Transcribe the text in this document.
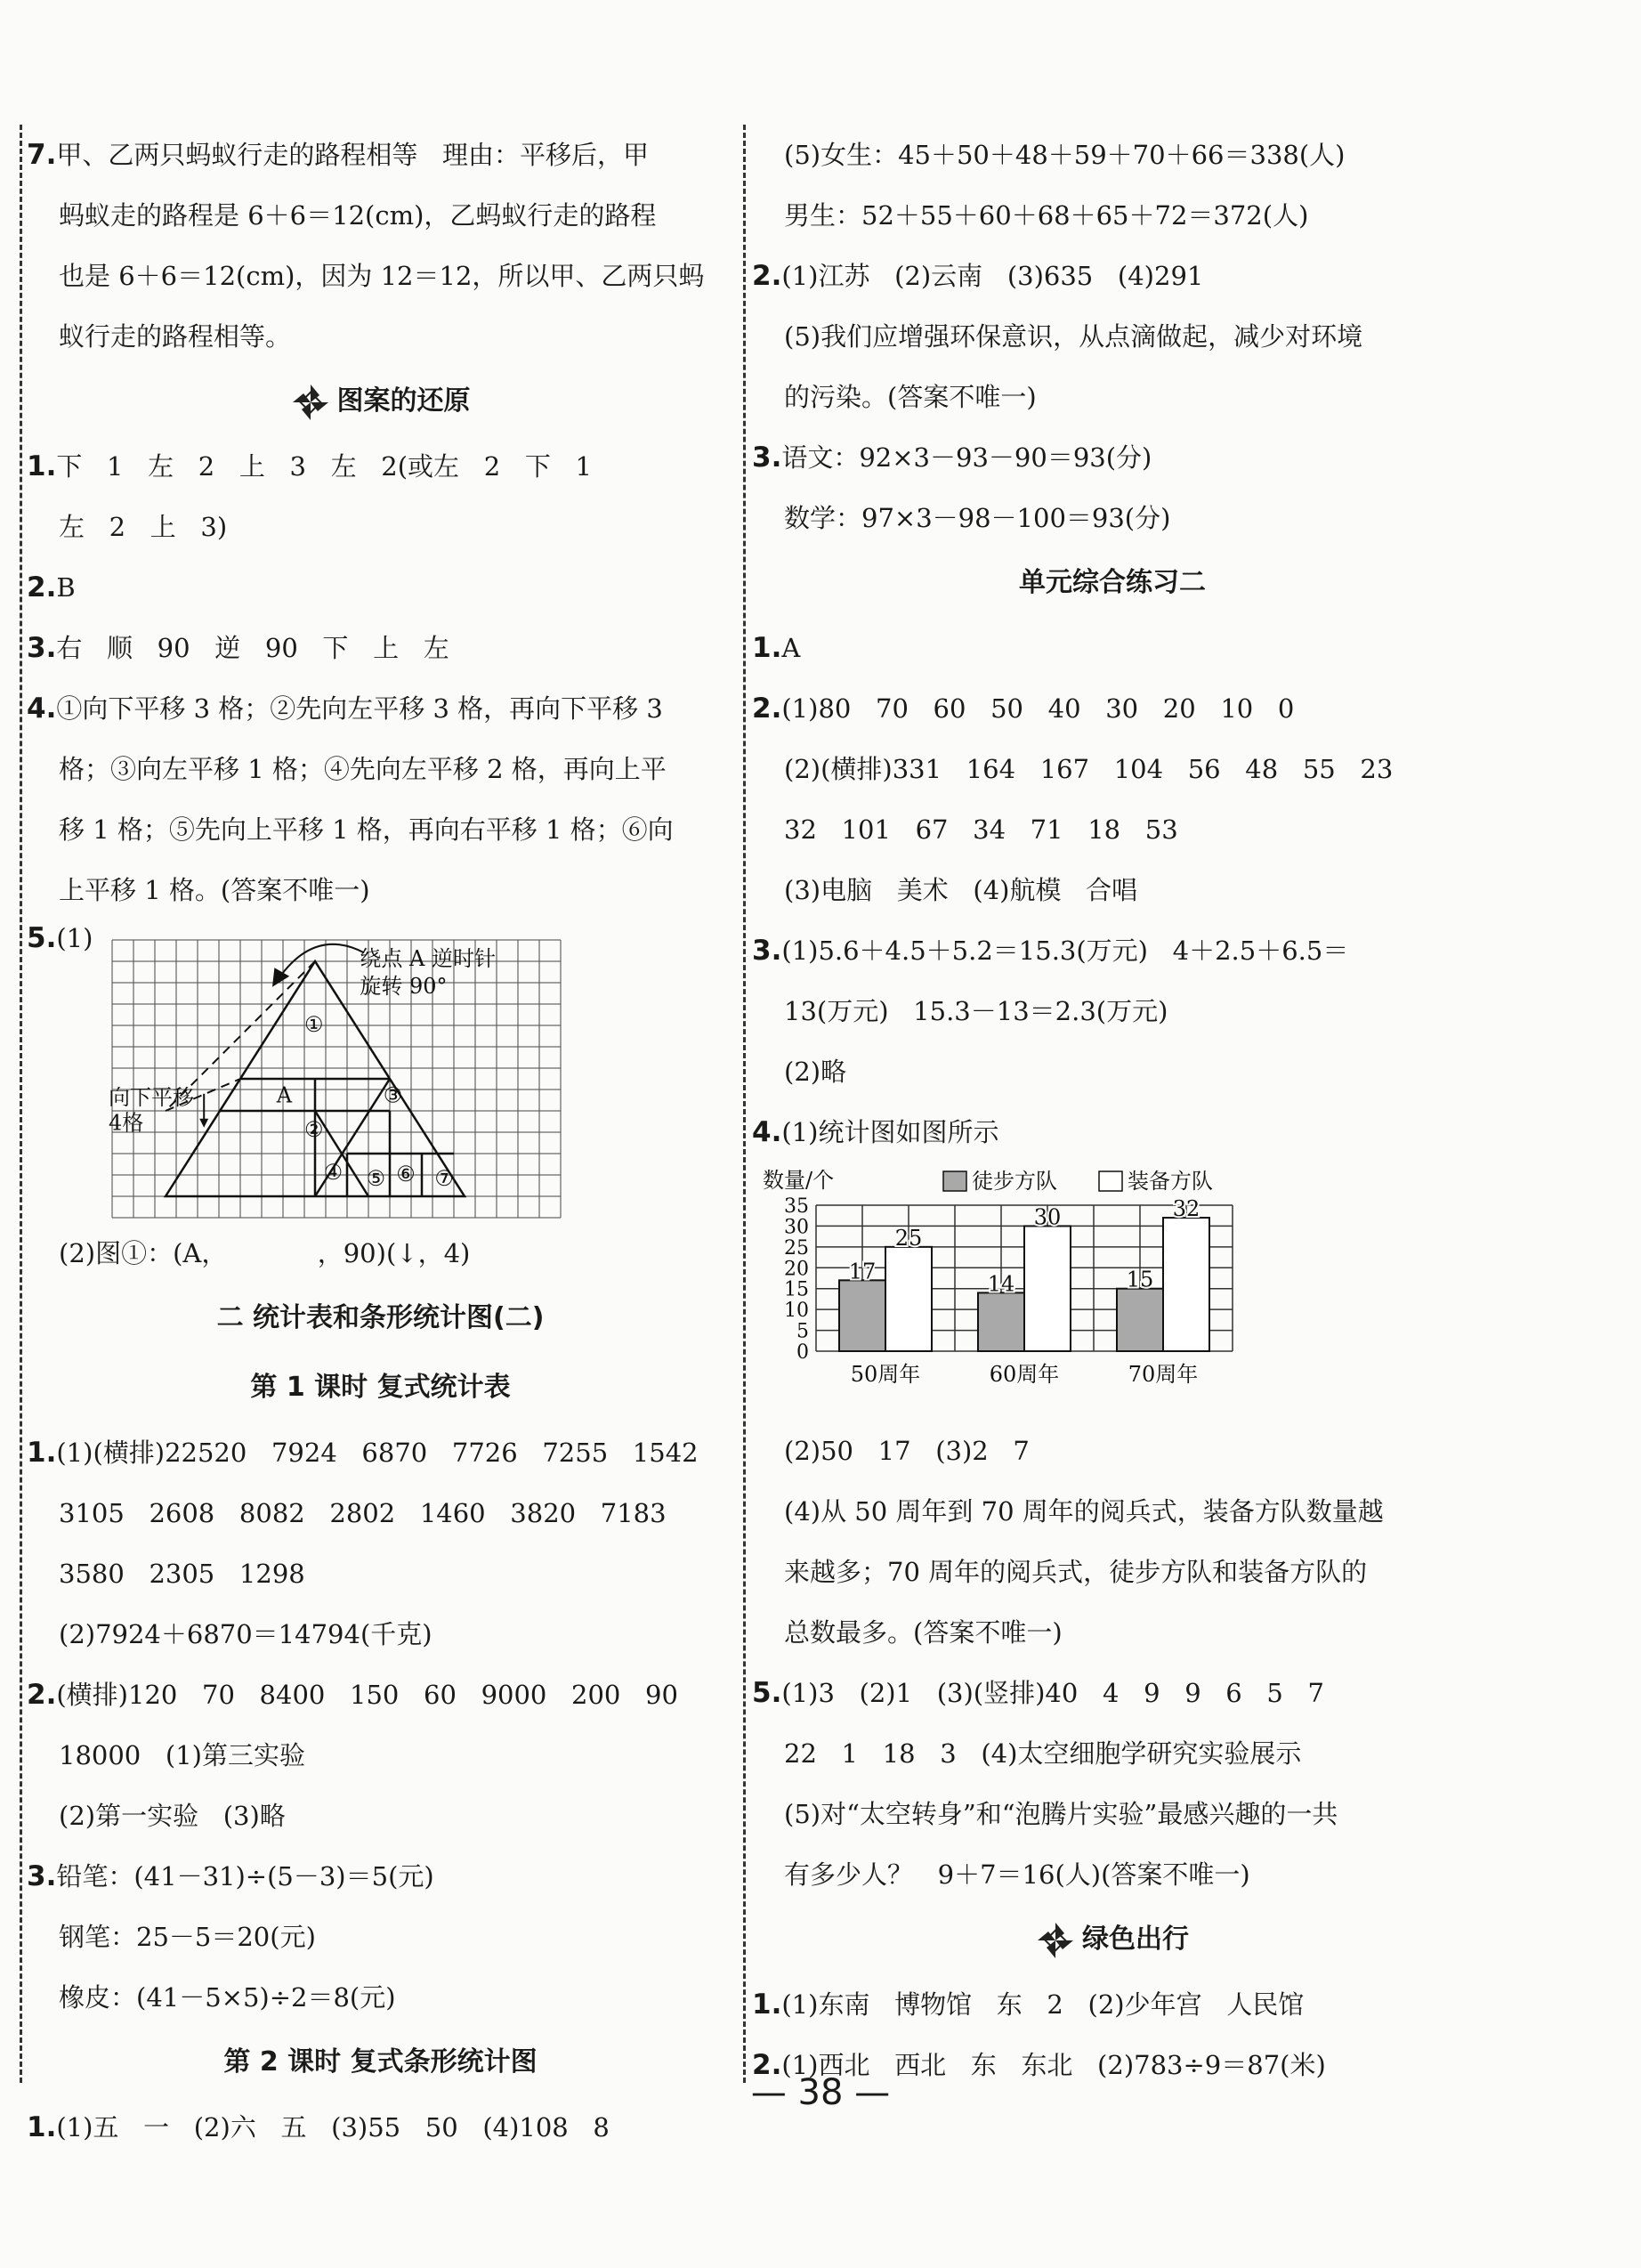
7.甲、乙两只蚂蚁行走的路程相等   理由：平移后，甲
蚂蚁走的路程是 6＋6＝12(cm)，乙蚂蚁行走的路程
也是 6＋6＝12(cm)，因为 12＝12，所以甲、乙两只蚂
蚁行走的路程相等。
图案的还原
1.下   1   左   2   上   3   左   2(或左   2   下   1
左   2   上   3)
2.B
3.右   顺   90   逆   90   下   上   左
4.①向下平移 3 格；②先向左平移 3 格，再向下平移 3
格；③向左平移 1 格；④先向左平移 2 格，再向上平
移 1 格；⑤先向上平移 1 格，再向右平移 1 格；⑥向
上平移 1 格。(答案不唯一)
5.(1)
绕点 A 逆时针
旋转 90°
向下平移
4格
A
①
②
③
④ ⑤ ⑥ ⑦
(2)图①：(A，           ，90)(↓，4)
二 统计表和条形统计图(二)
第 1 课时 复式统计表
1.(1)(横排)22520   7924   6870   7726   7255   1542
3105   2608   8082   2802   1460   3820   7183
3580   2305   1298
(2)7924＋6870＝14794(千克)
2.(横排)120   70   8400   150   60   9000   200   90
18000   (1)第三实验
(2)第一实验   (3)略
3.铅笔：(41－31)÷(5－3)＝5(元)
钢笔：25－5＝20(元)
橡皮：(41－5×5)÷2＝8(元)
第 2 课时 复式条形统计图
1.(1)五   一   (2)六   五   (3)55   50   (4)108   8
(5)女生：45＋50＋48＋59＋70＋66＝338(人)
男生：52＋55＋60＋68＋65＋72＝372(人)
2.(1)江苏   (2)云南   (3)635   (4)291
(5)我们应增强环保意识，从点滴做起，减少对环境
的污染。(答案不唯一)
3.语文：92×3－93－90＝93(分)
数学：97×3－98－100＝93(分)
单元综合练习二
1.A
2.(1)80   70   60   50   40   30   20   10   0
(2)(横排)331   164   167   104   56   48   55   23
32   101   67   34   71   18   53
(3)电脑   美术   (4)航模   合唱
3.(1)5.6＋4.5＋5.2＝15.3(万元)   4＋2.5＋6.5＝
13(万元)   15.3－13＝2.3(万元)
(2)略
4.(1)统计图如图所示
数量/个	徒步方队	装备方队
0
5
10
15
20
25
30
35
17
25
50周年
14
30
60周年
15
32
70周年
(2)50   17   (3)2   7
(4)从 50 周年到 70 周年的阅兵式，装备方队数量越
来越多；70 周年的阅兵式，徒步方队和装备方队的
总数最多。(答案不唯一)
5.(1)3   (2)1   (3)(竖排)40   4   9   9   6   5   7
22   1   18   3   (4)太空细胞学研究实验展示
(5)对“太空转身”和“泡腾片实验”最感兴趣的一共
有多少人？   9＋7＝16(人)(答案不唯一)
绿色出行
1.(1)东南   博物馆   东   2   (2)少年宫   人民馆
2.(1)西北   西北   东   东北   (2)783÷9＝87(米)
— 38 —
